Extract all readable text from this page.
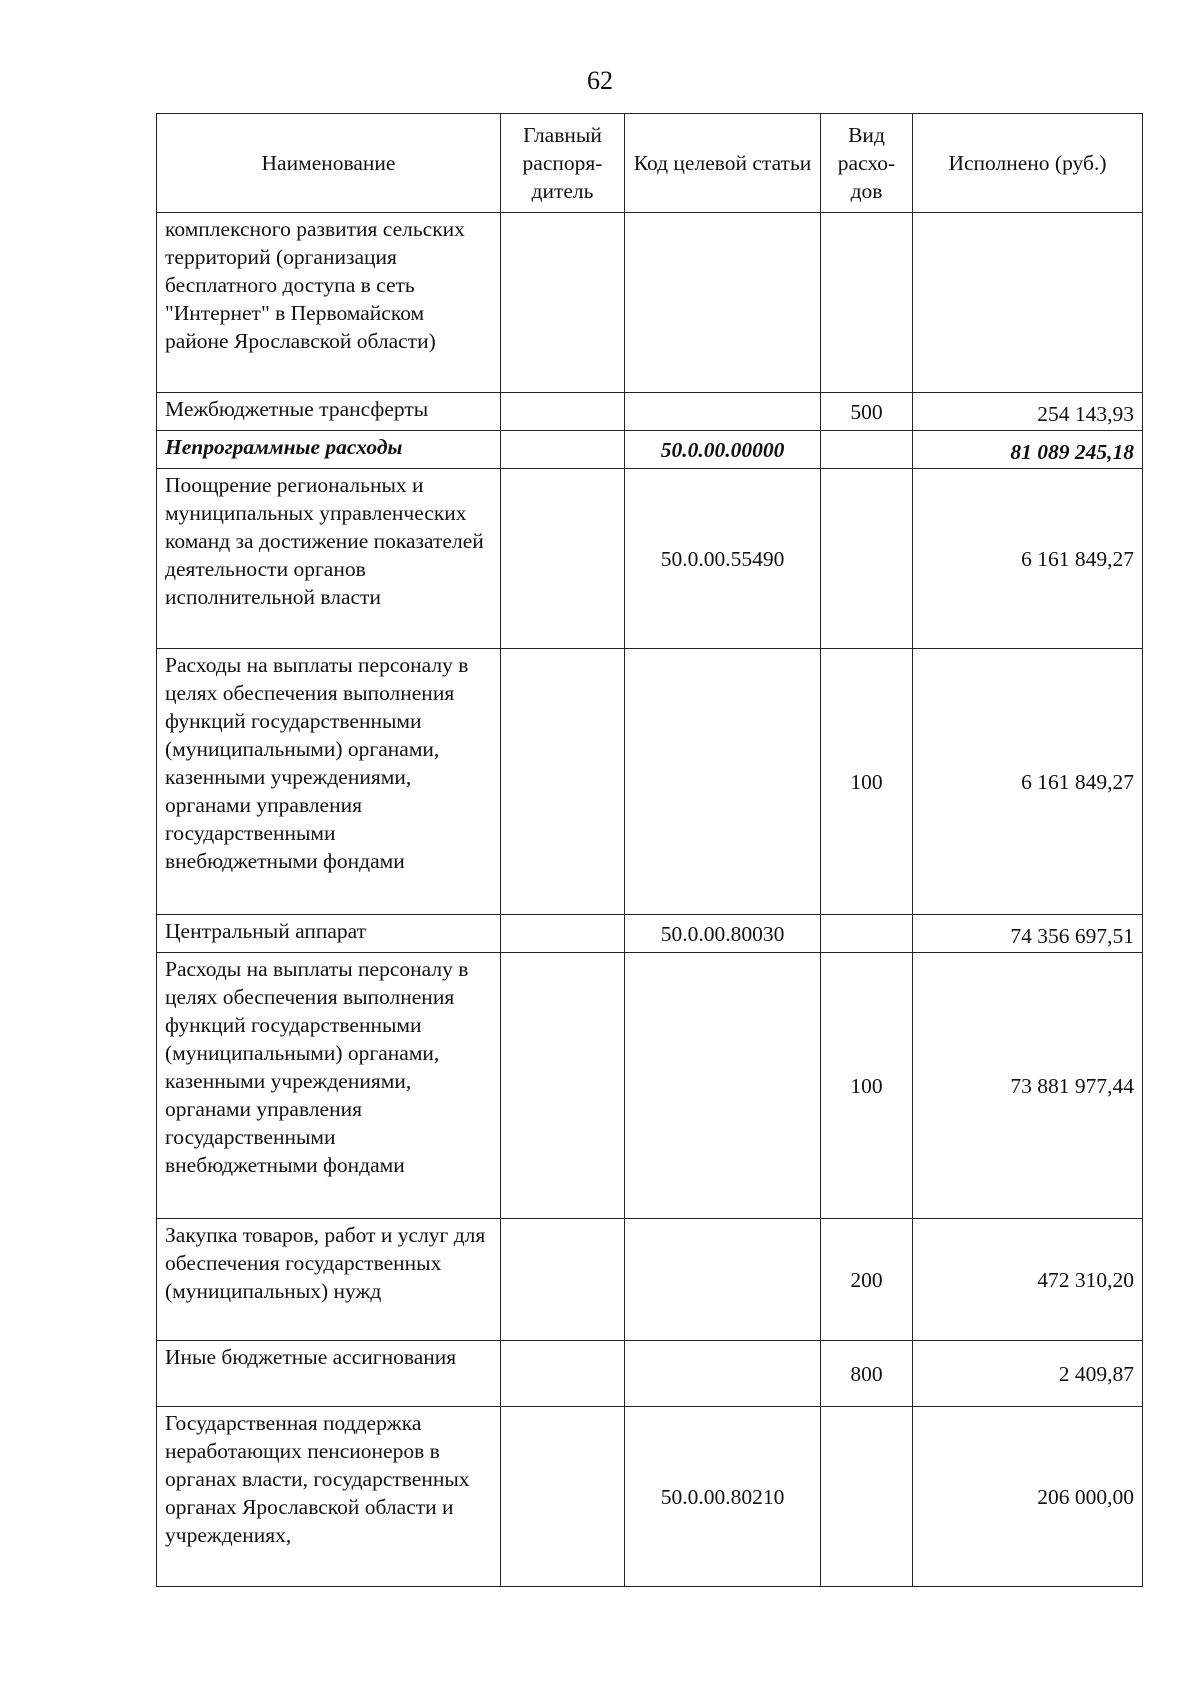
62
Наименование	Главный распоря-дитель	Код целевой статьи	Вид расхо-дов	Исполнено (руб.)
комплексного развития сельских территорий (организация бесплатного доступа в сеть "Интернет" в Первомайском районе Ярославской области)				
Межбюджетные трансферты			500	254 143,93
Непрограммные расходы		50.0.00.00000		81 089 245,18
Поощрение региональных и муниципальных управленческих команд за достижение показателей деятельности органов исполнительной власти		50.0.00.55490		6 161 849,27
Расходы на выплаты персоналу в целях обеспечения выполнения функций государственными (муниципальными) органами, казенными учреждениями, органами управления государственными внебюджетными фондами			100	6 161 849,27
Центральный аппарат		50.0.00.80030		74 356 697,51
Расходы на выплаты персоналу в целях обеспечения выполнения функций государственными (муниципальными) органами, казенными учреждениями, органами управления государственными внебюджетными фондами			100	73 881 977,44
Закупка товаров, работ и услуг для обеспечения государственных (муниципальных) нужд			200	472 310,20
Иные бюджетные ассигнования			800	2 409,87
Государственная поддержка неработающих пенсионеров в органах власти, государственных органах Ярославской области и учреждениях,		50.0.00.80210		206 000,00
